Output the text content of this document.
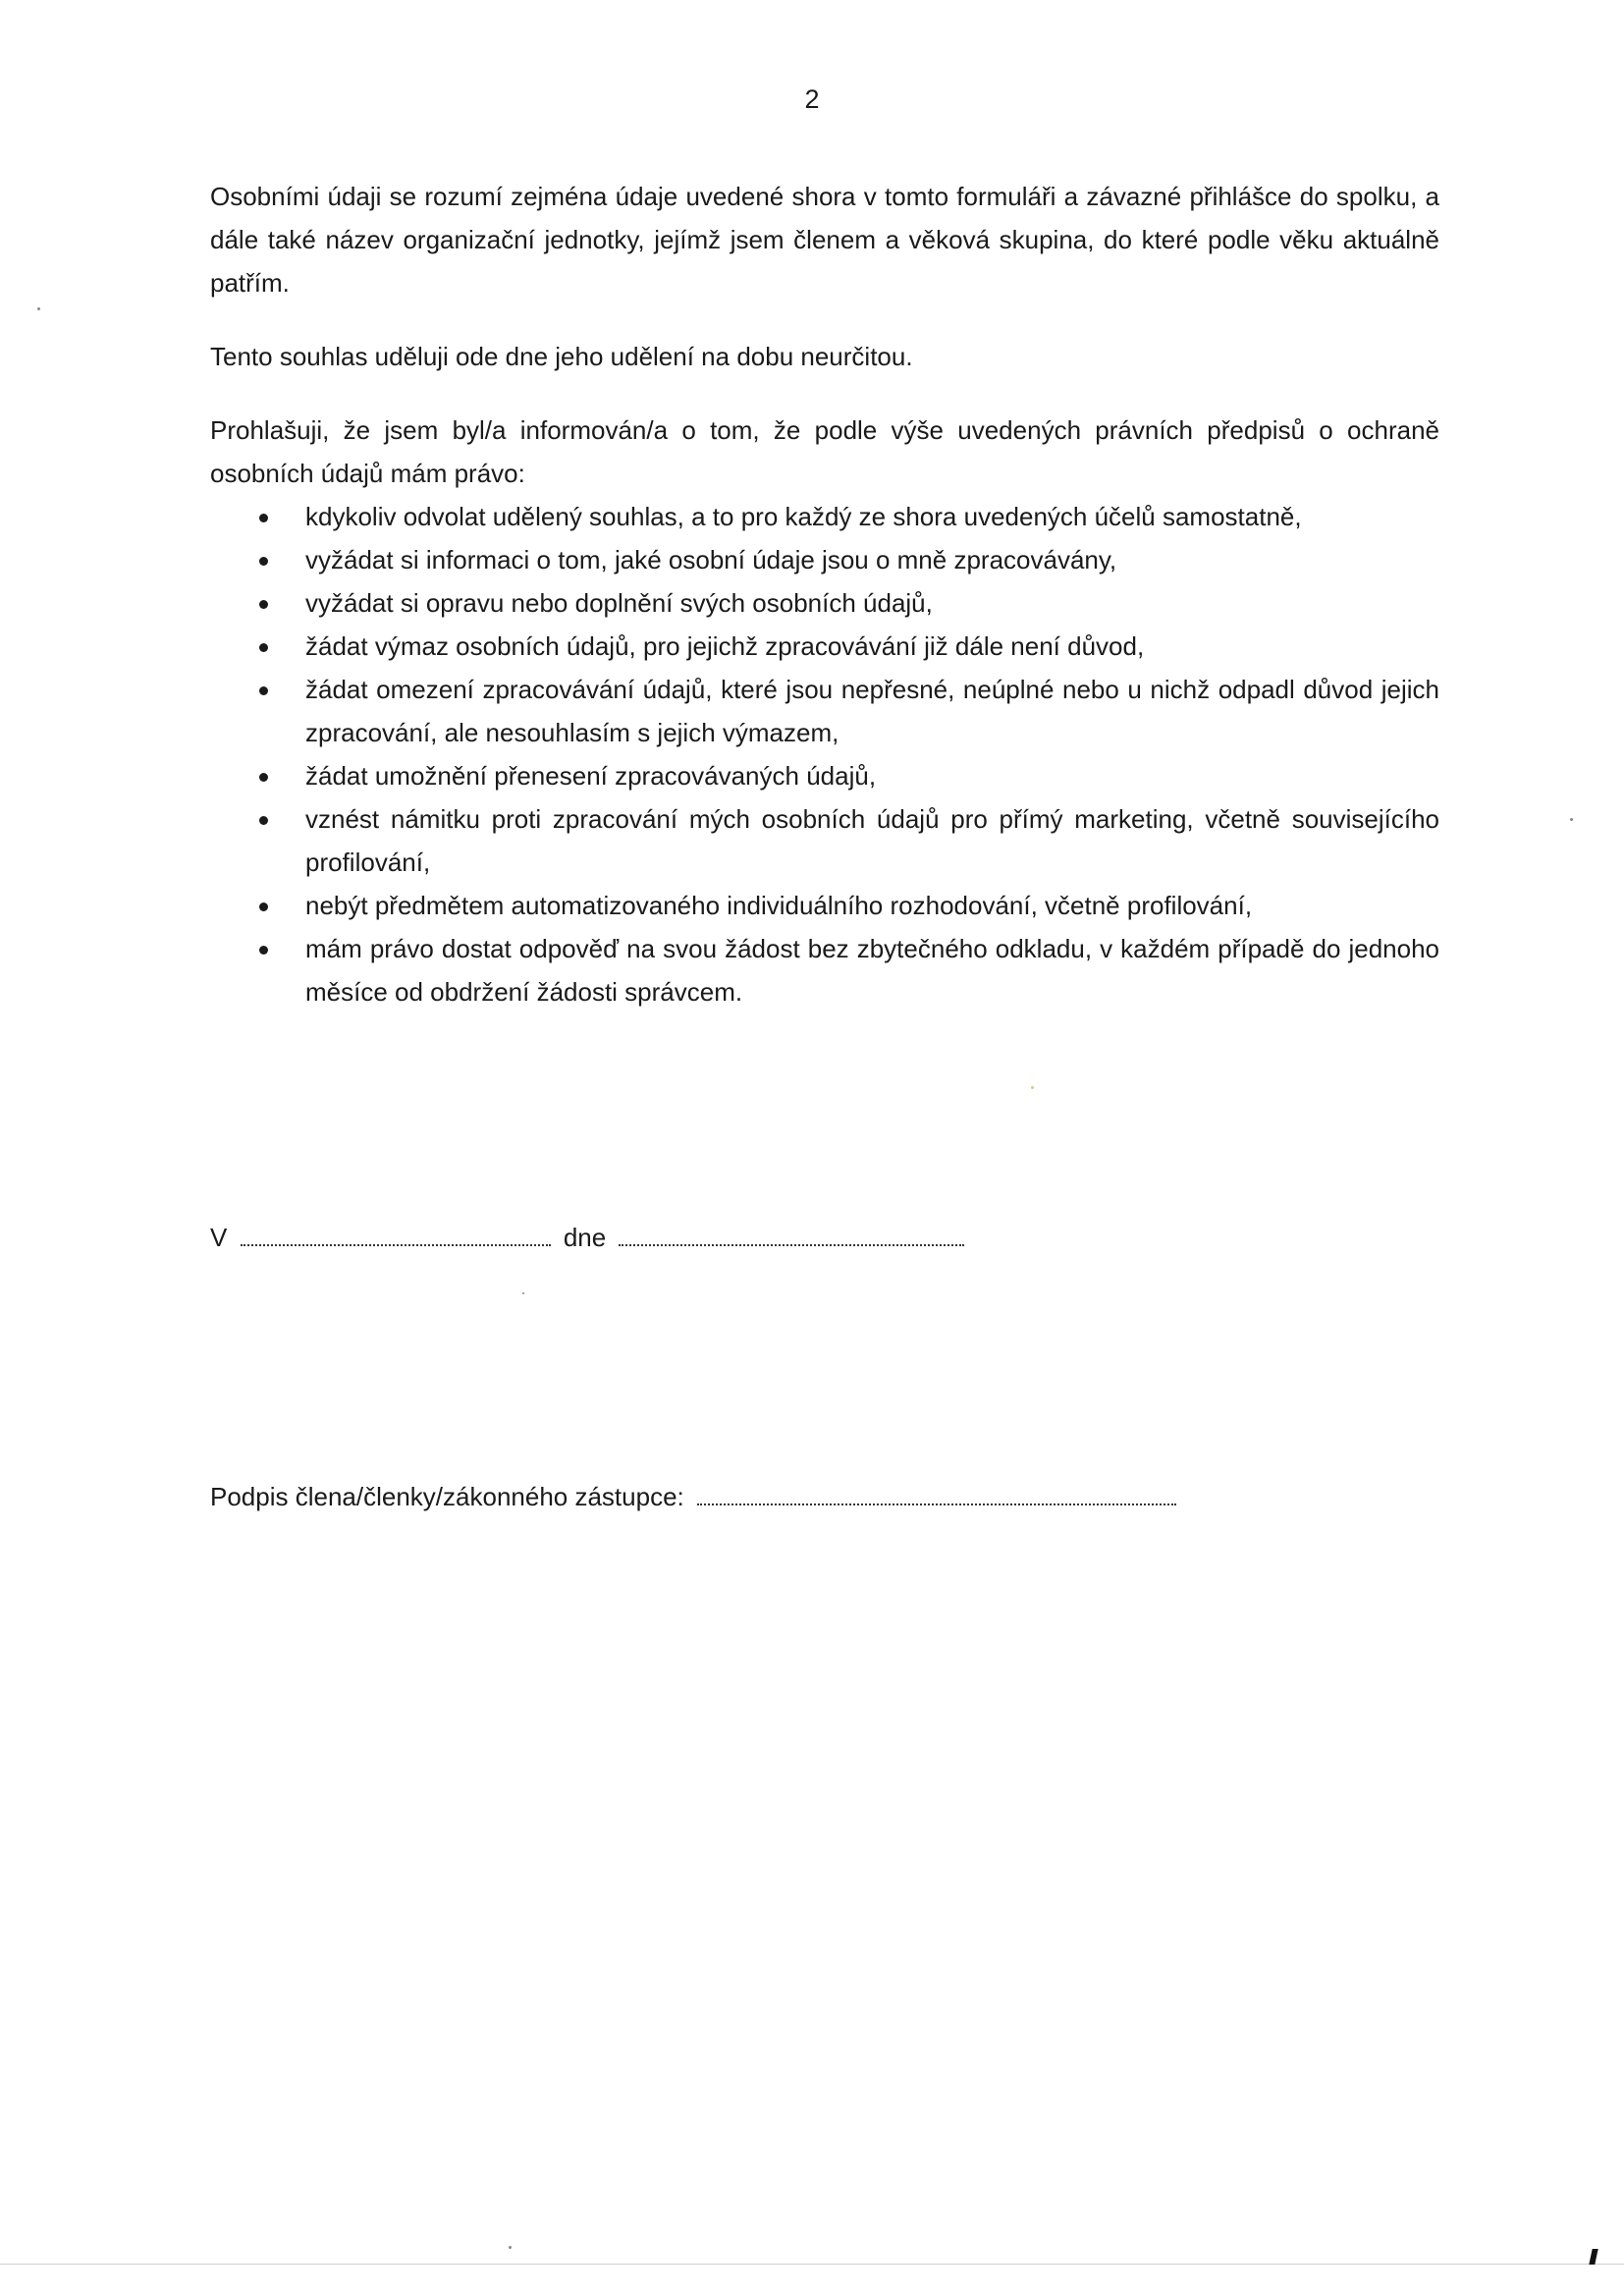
2

Osobními údaji se rozumí zejména údaje uvedené shora v tomto formuláři a závazné přihlášce do spolku, a dále také název organizační jednotky, jejímž jsem členem a věková skupina, do které podle věku aktuálně patřím.

Tento souhlas uděluji ode dne jeho udělení na dobu neurčitou.

Prohlašuji, že jsem byl/a informován/a o tom, že podle výše uvedených právních předpisů o ochraně osobních údajů mám právo:

kdykoliv odvolat udělený souhlas, a to pro každý ze shora uvedených účelů samostatně,
vyžádat si informaci o tom, jaké osobní údaje jsou o mně zpracovávány,
vyžádat si opravu nebo doplnění svých osobních údajů,
žádat výmaz osobních údajů, pro jejichž zpracovávání již dále není důvod,
žádat omezení zpracovávání údajů, které jsou nepřesné, neúplné nebo u nichž odpadl důvod jejich zpracování, ale nesouhlasím s jejich výmazem,
žádat umožnění přenesení zpracovávaných údajů,
vznést námitku proti zpracování mých osobních údajů pro přímý marketing, včetně souvisejícího profilování,
nebýt předmětem automatizovaného individuálního rozhodování, včetně profilování,
mám právo dostat odpověď na svou žádost bez zbytečného odkladu, v každém případě do jednoho měsíce od obdržení žádosti správcem.
V	dne
Podpis člena/členky/zákonného zástupce:
